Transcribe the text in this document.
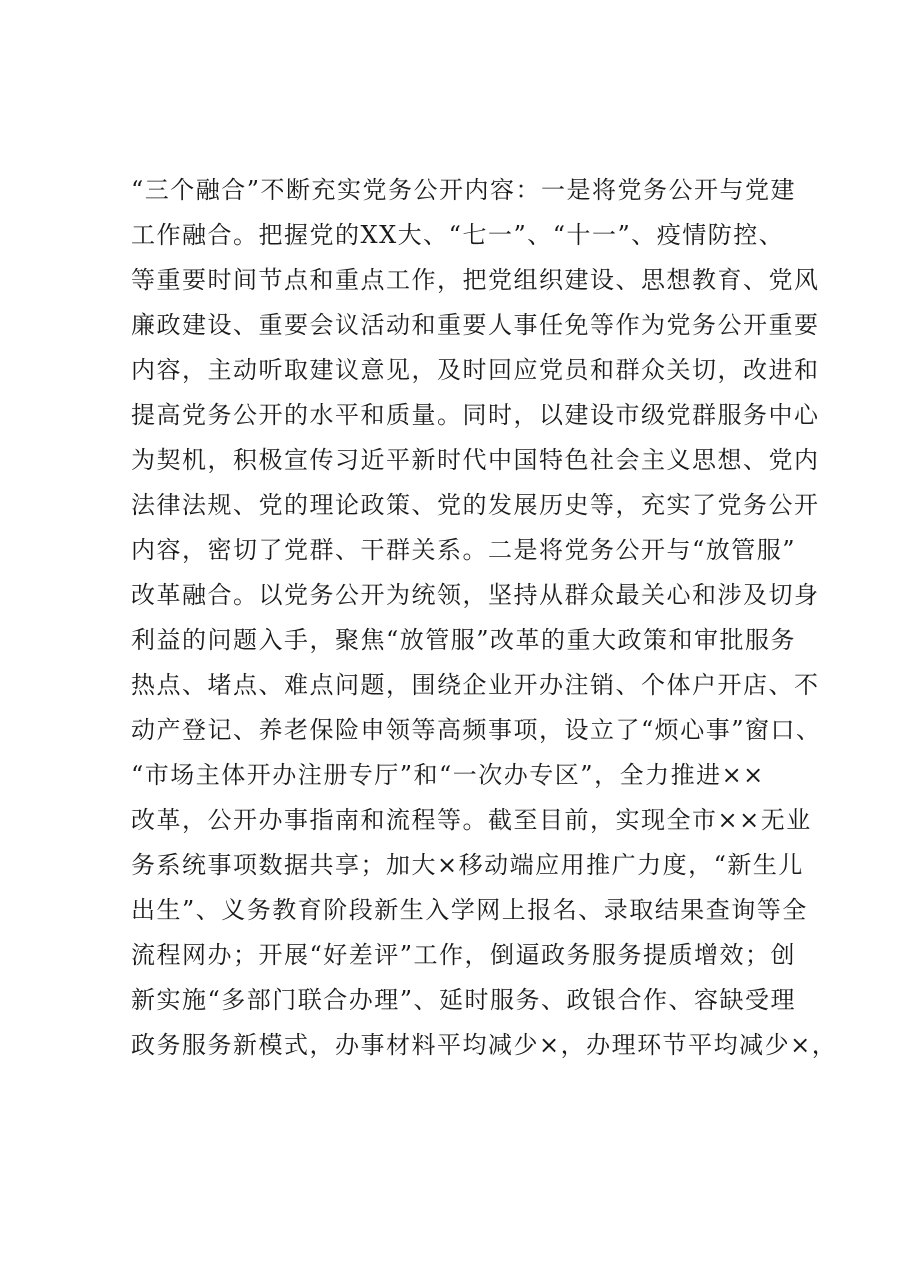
“三个融合”不断充实党务公开内容：一是将党务公开与党建
工作融合。把握党的XX大、“七一”、“十一”、疫情防控、
等重要时间节点和重点工作，把党组织建设、思想教育、党风
廉政建设、重要会议活动和重要人事任免等作为党务公开重要
内容，主动听取建议意见，及时回应党员和群众关切，改进和
提高党务公开的水平和质量。同时，以建设市级党群服务中心
为契机，积极宣传习近平新时代中国特色社会主义思想、党内
法律法规、党的理论政策、党的发展历史等，充实了党务公开
内容，密切了党群、干群关系。二是将党务公开与“放管服”
改革融合。以党务公开为统领，坚持从群众最关心和涉及切身
利益的问题入手，聚焦“放管服”改革的重大政策和审批服务
热点、堵点、难点问题，围绕企业开办注销、个体户开店、不
动产登记、养老保险申领等高频事项，设立了“烦心事”窗口、
“市场主体开办注册专厅”和“一次办专区”，全力推进××
改革，公开办事指南和流程等。截至目前，实现全市××无业
务系统事项数据共享；加大×移动端应用推广力度，“新生儿
出生”、义务教育阶段新生入学网上报名、录取结果查询等全
流程网办；开展“好差评”工作，倒逼政务服务提质增效；创
新实施“多部门联合办理”、延时服务、政银合作、容缺受理
政务服务新模式，办事材料平均减少×，办理环节平均减少×，
